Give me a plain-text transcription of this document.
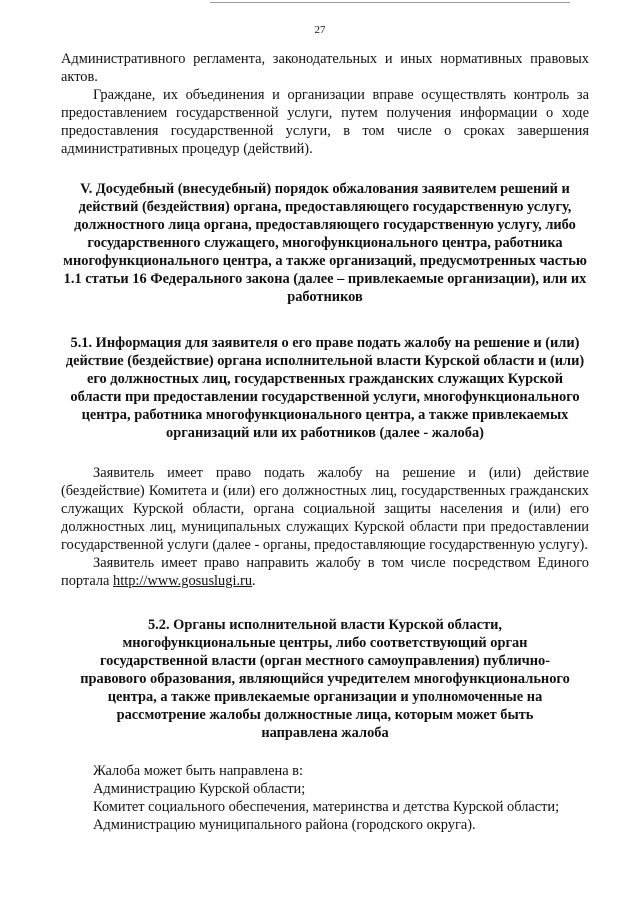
27

Административного регламента, законодательных и иных нормативных правовых актов.

Граждане, их объединения и организации вправе осуществлять контроль за предоставлением государственной услуги, путем получения информации о ходе предоставления государственной услуги, в том числе о сроках завершения административных процедур (действий).

V. Досудебный (внесудебный) порядок обжалования заявителем решений и действий (бездействия) органа, предоставляющего государственную услугу, должностного лица органа, предоставляющего государственную услугу, либо государственного служащего, многофункционального центра, работника многофункционального центра, а также организаций, предусмотренных частью 1.1 статьи 16 Федерального закона (далее – привлекаемые организации), или их работников
5.1. Информация для заявителя о его праве подать жалобу на решение и (или) действие (бездействие) органа исполнительной власти Курской области и (или) его должностных лиц, государственных гражданских служащих Курской области при предоставлении государственной услуги, многофункционального центра, работника многофункционального центра, а также привлекаемых организаций или их работников (далее - жалоба)

Заявитель имеет право подать жалобу на решение и (или) действие (бездействие) Комитета и (или) его должностных лиц, государственных гражданских служащих Курской области, органа социальной защиты населения и (или) его должностных лиц, муниципальных служащих Курской области при предоставлении государственной услуги (далее - органы, предоставляющие государственную услугу).

Заявитель имеет право направить жалобу в том числе посредством Единого портала http://www.gosuslugi.ru.

5.2. Органы исполнительной власти Курской области, многофункциональные центры, либо соответствующий орган государственной власти (орган местного самоуправления) публично-правового образования, являющийся учредителем многофункционального центра, а также привлекаемые организации и уполномоченные на рассмотрение жалобы должностные лица, которым может быть направлена жалоба
Жалоба может быть направлена в:
Администрацию Курской области;
Комитет социального обеспечения, материнства и детства Курской области;
Администрацию муниципального района (городского округа).
